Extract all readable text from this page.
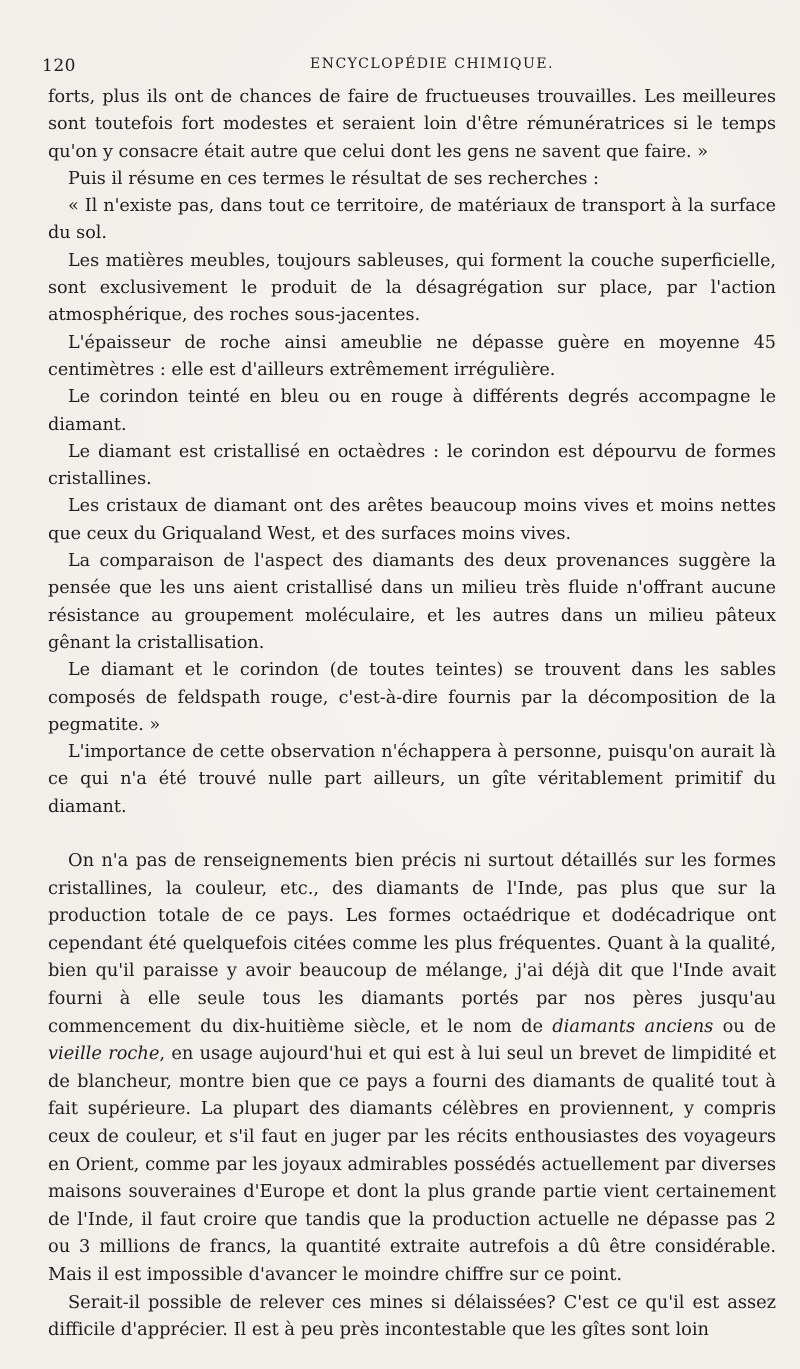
120	ENCYCLOPÉDIE CHIMIQUE.

forts, plus ils ont de chances de faire de fructueuses trouvailles. Les meilleures sont toutefois fort modestes et seraient loin d'être rémunératrices si le temps qu'on y consacre était autre que celui dont les gens ne savent que faire. »

Puis il résume en ces termes le résultat de ses recherches :

« Il n'existe pas, dans tout ce territoire, de matériaux de transport à la surface du sol.

Les matières meubles, toujours sableuses, qui forment la couche superficielle, sont exclusivement le produit de la désagrégation sur place, par l'action atmosphérique, des roches sous-jacentes.

L'épaisseur de roche ainsi ameublie ne dépasse guère en moyenne 45 centimètres : elle est d'ailleurs extrêmement irrégulière.

Le corindon teinté en bleu ou en rouge à différents degrés accompagne le diamant.

Le diamant est cristallisé en octaèdres : le corindon est dépourvu de formes cristallines.

Les cristaux de diamant ont des arêtes beaucoup moins vives et moins nettes que ceux du Griqualand West, et des surfaces moins vives.

La comparaison de l'aspect des diamants des deux provenances suggère la pensée que les uns aient cristallisé dans un milieu très fluide n'offrant aucune résistance au groupement moléculaire, et les autres dans un milieu pâteux gênant la cristallisation.

Le diamant et le corindon (de toutes teintes) se trouvent dans les sables composés de feldspath rouge, c'est-à-dire fournis par la décomposition de la pegmatite. »

L'importance de cette observation n'échappera à personne, puisqu'on aurait là ce qui n'a été trouvé nulle part ailleurs, un gîte véritablement primitif du diamant.

On n'a pas de renseignements bien précis ni surtout détaillés sur les formes cristallines, la couleur, etc., des diamants de l'Inde, pas plus que sur la production totale de ce pays. Les formes octaédrique et dodécadrique ont cependant été quelquefois citées comme les plus fréquentes. Quant à la qualité, bien qu'il paraisse y avoir beaucoup de mélange, j'ai déjà dit que l'Inde avait fourni à elle seule tous les diamants portés par nos pères jusqu'au commencement du dix-huitième siècle, et le nom de diamants anciens ou de vieille roche, en usage aujourd'hui et qui est à lui seul un brevet de limpidité et de blancheur, montre bien que ce pays a fourni des diamants de qualité tout à fait supérieure. La plupart des diamants célèbres en proviennent, y compris ceux de couleur, et s'il faut en juger par les récits enthousiastes des voyageurs en Orient, comme par les joyaux admirables possédés actuellement par diverses maisons souveraines d'Europe et dont la plus grande partie vient certainement de l'Inde, il faut croire que tandis que la production actuelle ne dépasse pas 2 ou 3 millions de francs, la quantité extraite autrefois a dû être considérable. Mais il est impossible d'avancer le moindre chiffre sur ce point.

Serait-il possible de relever ces mines si délaissées? C'est ce qu'il est assez difficile d'apprécier. Il est à peu près incontestable que les gîtes sont loin
